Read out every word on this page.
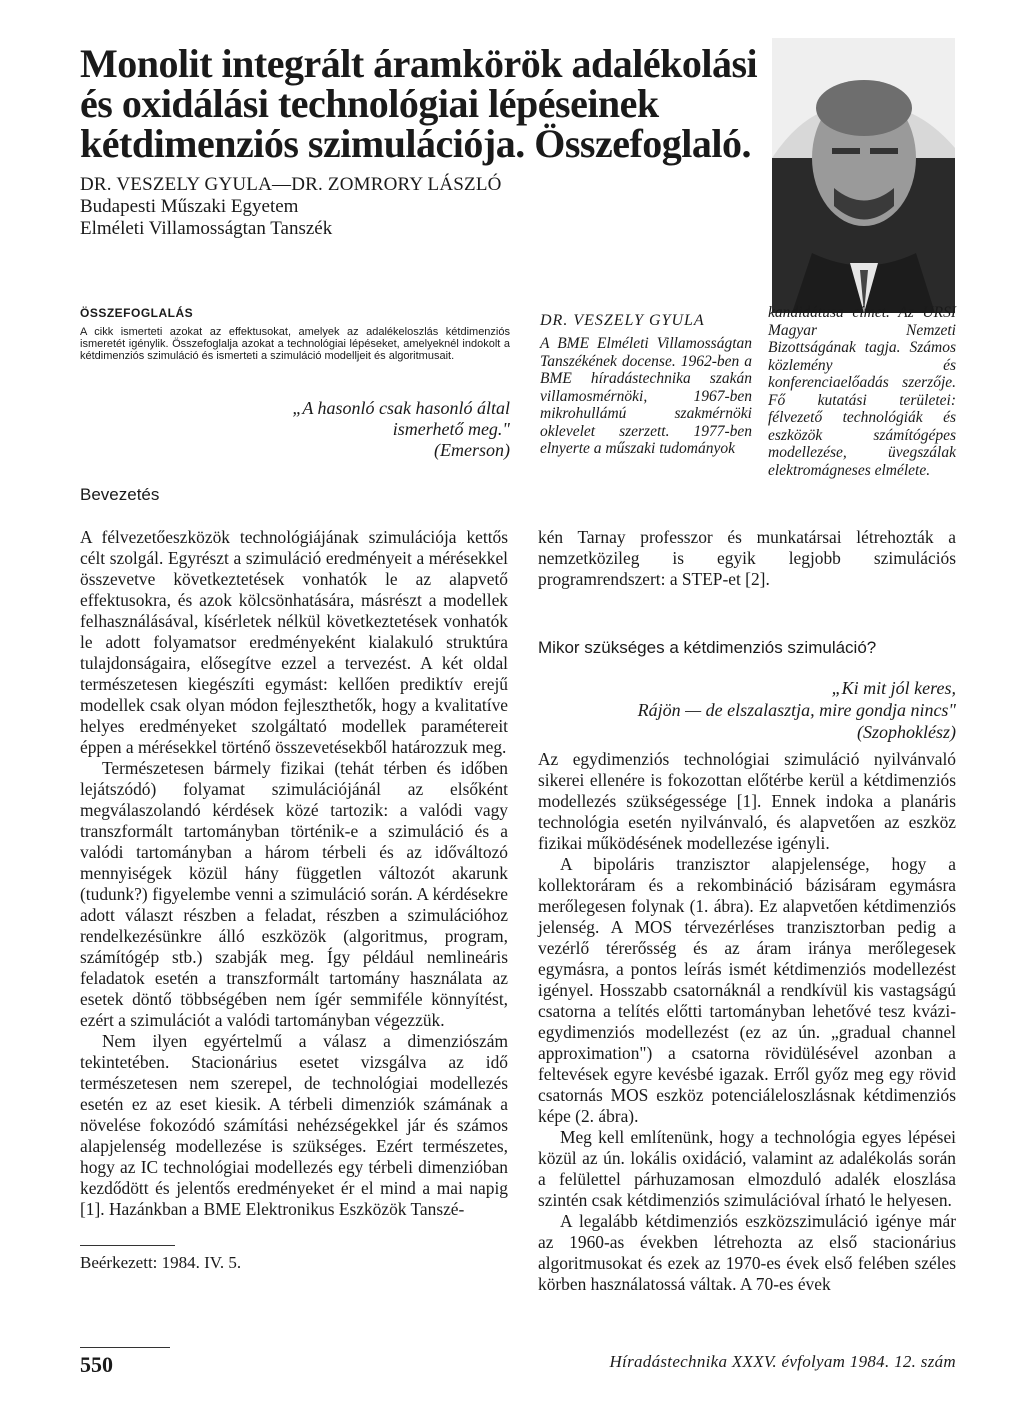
Monolit integrált áramkörök adalékolási
és oxidálási technológiai lépéseinek
kétdimenziós szimulációja. Összefoglaló.
DR. VESZELY GYULA—DR. ZOMRORY LÁSZLÓ
Budapesti Műszaki Egyetem
Elméleti Villamosságtan Tanszék
ÖSSZEFOGLALÁS
A cikk ismerteti azokat az effektusokat, amelyek az adalékeloszlás kétdimenziós ismeretét igénylik. Összefoglalja azokat a technológiai lépéseket, amelyeknél indokolt a kétdimenziós szimuláció és ismerteti a szimuláció modelljeit és algoritmusait.
„A hasonló csak hasonló által
ismerhető meg."
(Emerson)
DR. VESZELY GYULA
A BME Elméleti Villamosságtan Tanszékének docense. 1962-ben a BME híradástechnika szakán villamosmérnöki, 1967-ben mikrohullámú szakmérnöki oklevelet szerzett. 1977-ben elnyerte a műszaki tudományok
kandidátusa címet. Az URSI Magyar Nemzeti Bizottságának tagja. Számos közlemény és konferenciaelőadás szerzője. Fő kutatási területei: félvezető technológiák és eszközök számítógépes modellezése, üvegszálak elektromágneses elmélete.
Bevezetés

A félvezetőeszközök technológiájának szimulációja kettős célt szolgál. Egyrészt a szimuláció eredményeit a mérésekkel összevetve következtetések vonhatók le az alapvető effektusokra, és azok kölcsönhatására, másrészt a modellek felhasználásával, kísérletek nélkül következtetések vonhatók le adott folyamatsor eredményeként kialakuló struktúra tulajdonságaira, elősegítve ezzel a tervezést. A két oldal természetesen kiegészíti egymást: kellően prediktív erejű modellek csak olyan módon fejleszthetők, hogy a kvalitatíve helyes eredményeket szolgáltató modellek paramétereit éppen a mérésekkel történő összevetésekből határozzuk meg.

Természetesen bármely fizikai (tehát térben és időben lejátszódó) folyamat szimulációjánál az elsőként megválaszolandó kérdések közé tartozik: a valódi vagy transzformált tartományban történik-e a szimuláció és a valódi tartományban a három térbeli és az időváltozó mennyiségek közül hány független változót akarunk (tudunk?) figyelembe venni a szimuláció során. A kérdésekre adott választ részben a feladat, részben a szimulációhoz rendelkezésünkre álló eszközök (algoritmus, program, számítógép stb.) szabják meg. Így például nemlineáris feladatok esetén a transzformált tartomány használata az esetek döntő többségében nem ígér semmiféle könnyítést, ezért a szimulációt a valódi tartományban végezzük.

Nem ilyen egyértelmű a válasz a dimenziószám tekintetében. Stacionárius esetet vizsgálva az idő természetesen nem szerepel, de technológiai modellezés esetén ez az eset kiesik. A térbeli dimenziók számának a növelése fokozódó számítási nehézségekkel jár és számos alapjelenség modellezése is szükséges. Ezért természetes, hogy az IC technológiai modellezés egy térbeli dimenzióban kezdődött és jelentős eredményeket ér el mind a mai napig [1]. Hazánkban a BME Elektronikus Eszközök Tanszé-

kén Tarnay professzor és munkatársai létrehozták a nemzetközileg is egyik legjobb szimulációs programrendszert: a STEP-et [2].

Mikor szükséges a kétdimenziós szimuláció?
„Ki mit jól keres,
Rájön — de elszalasztja, mire gondja nincs"
(Szophoklész)

Az egydimenziós technológiai szimuláció nyilvánvaló sikerei ellenére is fokozottan előtérbe kerül a kétdimenziós modellezés szükségessége [1]. Ennek indoka a planáris technológia esetén nyilvánvaló, és alapvetően az eszköz fizikai működésének modellezése igényli.

A bipoláris tranzisztor alapjelensége, hogy a kollektoráram és a rekombináció bázisáram egymásra merőlegesen folynak (1. ábra). Ez alapvetően kétdimenziós jelenség. A MOS térvezérléses tranzisztorban pedig a vezérlő térerősség és az áram iránya merőlegesek egymásra, a pontos leírás ismét kétdimenziós modellezést igényel. Hosszabb csatornáknál a rendkívül kis vastagságú csatorna a telítés előtti tartományban lehetővé tesz kvázi-egydimenziós modellezést (ez az ún. „gradual channel approximation") a csatorna rövidülésével azonban a feltevések egyre kevésbé igazak. Erről győz meg egy rövid csatornás MOS eszköz potenciáleloszlásnak kétdimenziós képe (2. ábra).

Meg kell említenünk, hogy a technológia egyes lépései közül az ún. lokális oxidáció, valamint az adalékolás során a felülettel párhuzamosan elmozduló adalék eloszlása szintén csak kétdimenziós szimulációval írható le helyesen.

A legalább kétdimenziós eszközszimuláció igénye már az 1960-as években létrehozta az első stacionárius algoritmusokat és ezek az 1970-es évek első felében széles körben használatossá váltak. A 70-es évek

Beérkezett: 1984. IV. 5.
550	Híradástechnika XXXV. évfolyam 1984. 12. szám
